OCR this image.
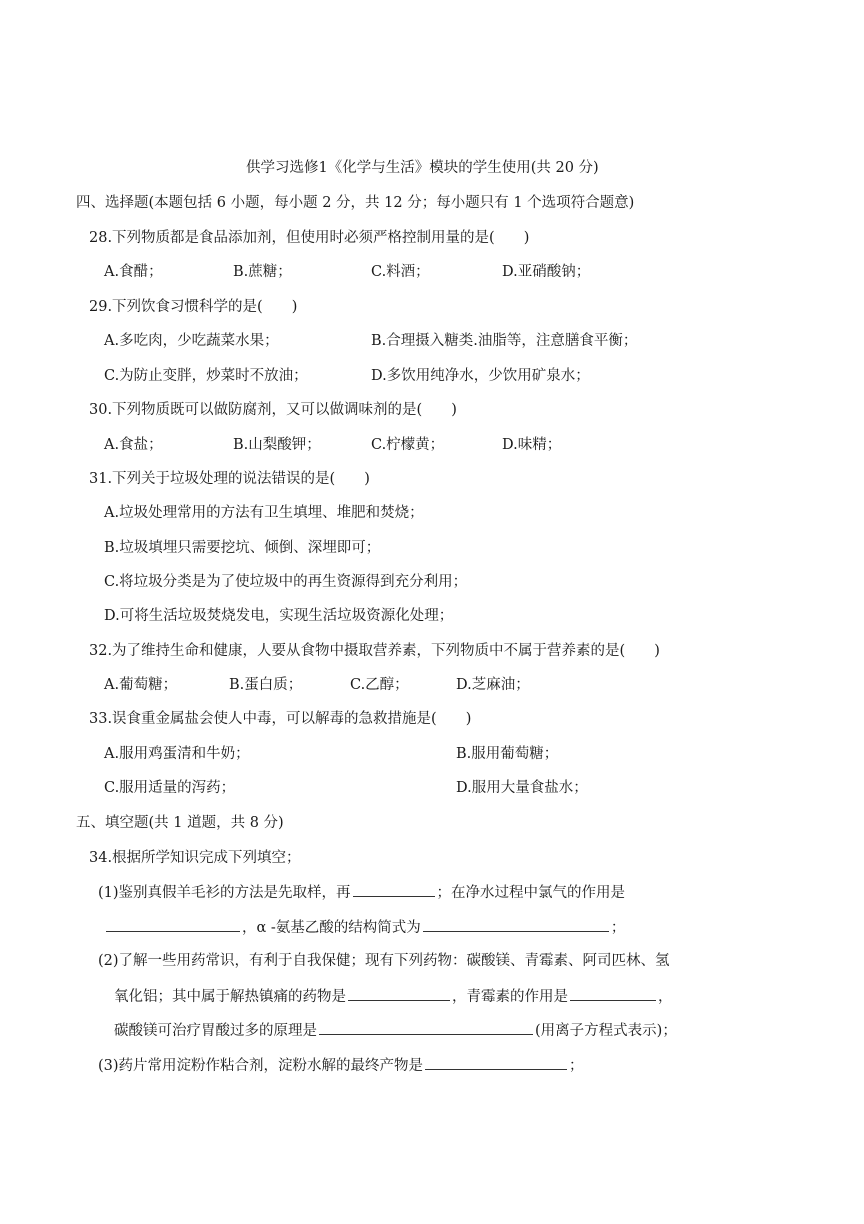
供学习选修1《化学与生活》模块的学生使用(共 20 分)
四、选择题(本题包括 6 小题，每小题 2 分，共 12 分；每小题只有 1 个选项符合题意)
28.下列物质都是食品添加剂，但使用时必须严格控制用量的是(　　)
A.食醋；	B.蔗糖；	C.料酒；	D.亚硝酸钠；
29.下列饮食习惯科学的是(　　)
A.多吃肉，少吃蔬菜水果；	B.合理摄入糖类.油脂等，注意膳食平衡；
C.为防止变胖，炒菜时不放油；	D.多饮用纯净水，少饮用矿泉水；
30.下列物质既可以做防腐剂，又可以做调味剂的是(　　)
A.食盐；	B.山梨酸钾；	C.柠檬黄；	D.味精；
31.下列关于垃圾处理的说法错误的是(　　)
A.垃圾处理常用的方法有卫生填埋、堆肥和焚烧；
B.垃圾填埋只需要挖坑、倾倒、深埋即可；
C.将垃圾分类是为了使垃圾中的再生资源得到充分利用；
D.可将生活垃圾焚烧发电，实现生活垃圾资源化处理；
32.为了维持生命和健康，人要从食物中摄取营养素，下列物质中不属于营养素的是(　　)
A.葡萄糖；	B.蛋白质；	C.乙醇；	D.芝麻油；
33.误食重金属盐会使人中毒，可以解毒的急救措施是(　　)
A.服用鸡蛋清和牛奶；	B.服用葡萄糖；
C.服用适量的泻药；	D.服用大量食盐水；
五、填空题(共 1 道题，共 8 分)
34.根据所学知识完成下列填空；
(1)鉴别真假羊毛衫的方法是先取样，再	；在净水过程中氯气的作用是
，α -氨基乙酸的结构简式为	；
(2)了解一些用药常识，有利于自我保健；现有下列药物：碳酸镁、青霉素、阿司匹林、氢
氧化铝；其中属于解热镇痛的药物是	，青霉素的作用是	，
碳酸镁可治疗胃酸过多的原理是	(用离子方程式表示)；
(3)药片常用淀粉作粘合剂，淀粉水解的最终产物是	；
